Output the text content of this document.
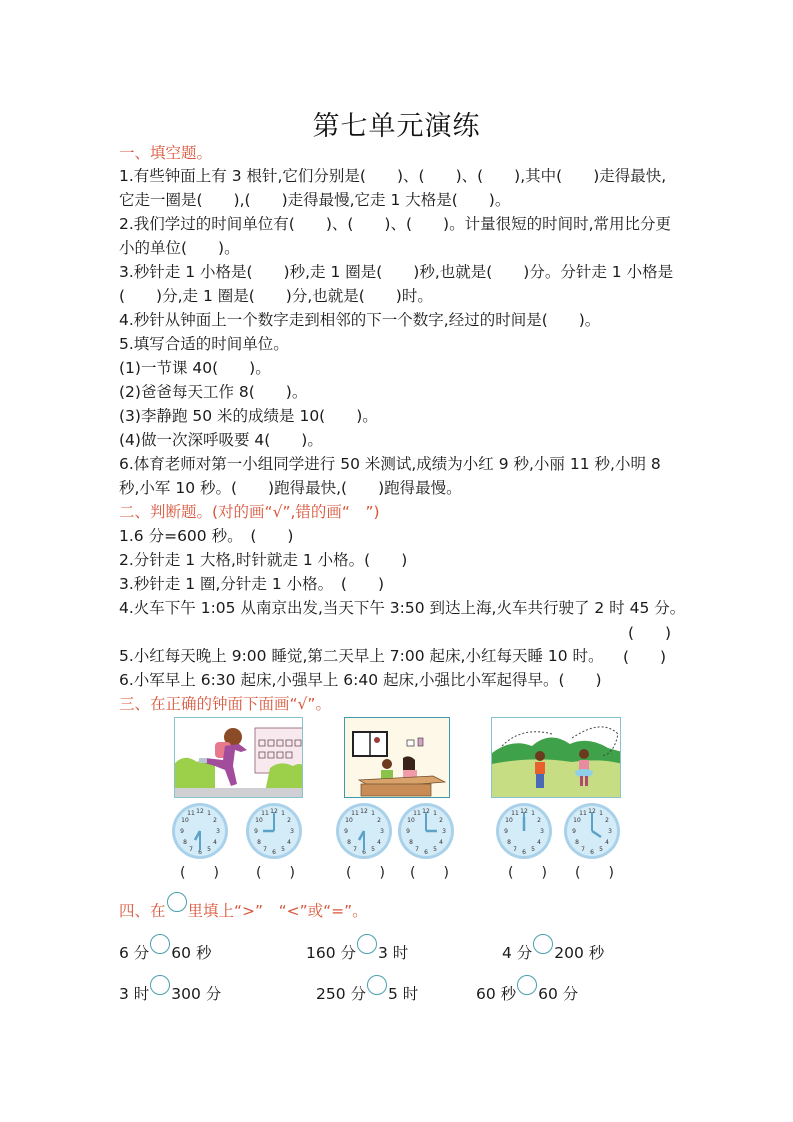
第七单元演练
一、填空题。
1.有些钟面上有 3 根针,它们分别是(　　)、(　　)、(　　),其中(　　)走得最快,
它走一圈是(　　),(　　)走得最慢,它走 1 大格是(　　)。
2.我们学过的时间单位有(　　)、(　　)、(　　)。计量很短的时间时,常用比分更
小的单位(　　)。
3.秒针走 1 小格是(　　)秒,走 1 圈是(　　)秒,也就是(　　)分。分针走 1 小格是
(　　)分,走 1 圈是(　　)分,也就是(　　)时。
4.秒针从钟面上一个数字走到相邻的下一个数字,经过的时间是(　　)。
5.填写合适的时间单位。
(1)一节课 40(　　)。
(2)爸爸每天工作 8(　　)。
(3)李静跑 50 米的成绩是 10(　　)。
(4)做一次深呼吸要 4(　　)。
6.体育老师对第一小组同学进行 50 米测试,成绩为小红 9 秒,小丽 11 秒,小明 8
秒,小军 10 秒。(　　)跑得最快,(　　)跑得最慢。
二、判断题。(对的画“√”,错的画“　”)
1.6 分=600 秒。　(　　)
2.分针走 1 大格,时针就走 1 小格。(　　)
3.秒针走 1 圈,分针走 1 小格。　(　　)
4.火车下午 1:05 从南京出发,当天下午 3:50 到达上海,火车共行驶了 2 时 45 分。
(　　)
5.小红每天晚上 9:00 睡觉,第二天早上 7:00 起床,小红每天睡 10 时。 (　　)
6.小军早上 6:30 起床,小强早上 6:40 起床,小强比小军起得早。(　　)
三、在正确的钟面下面画“√”。
12
3
6
9
1
2
4
5
7
8
10
11	12
3
6
9
1
2
4
5
7
8
10
11	12
3
6
9
1
2
4
5
7
8
10
11	12
3
6
9
1
2
4
5
7
8
10
11	12
3
6
9
1
2
4
5
7
8
10
11	12
3
6
9
1
2
4
5
7
8
10
11
(　　)	(　　)	(　　) (　　)	(　　) (　　)
四、在 里填上“>”　“<”或“=”。
6 分 60 秒	160 分 3 时	4 分 200 秒
3 时 300 分	250 分 5 时	60 秒 60 分
